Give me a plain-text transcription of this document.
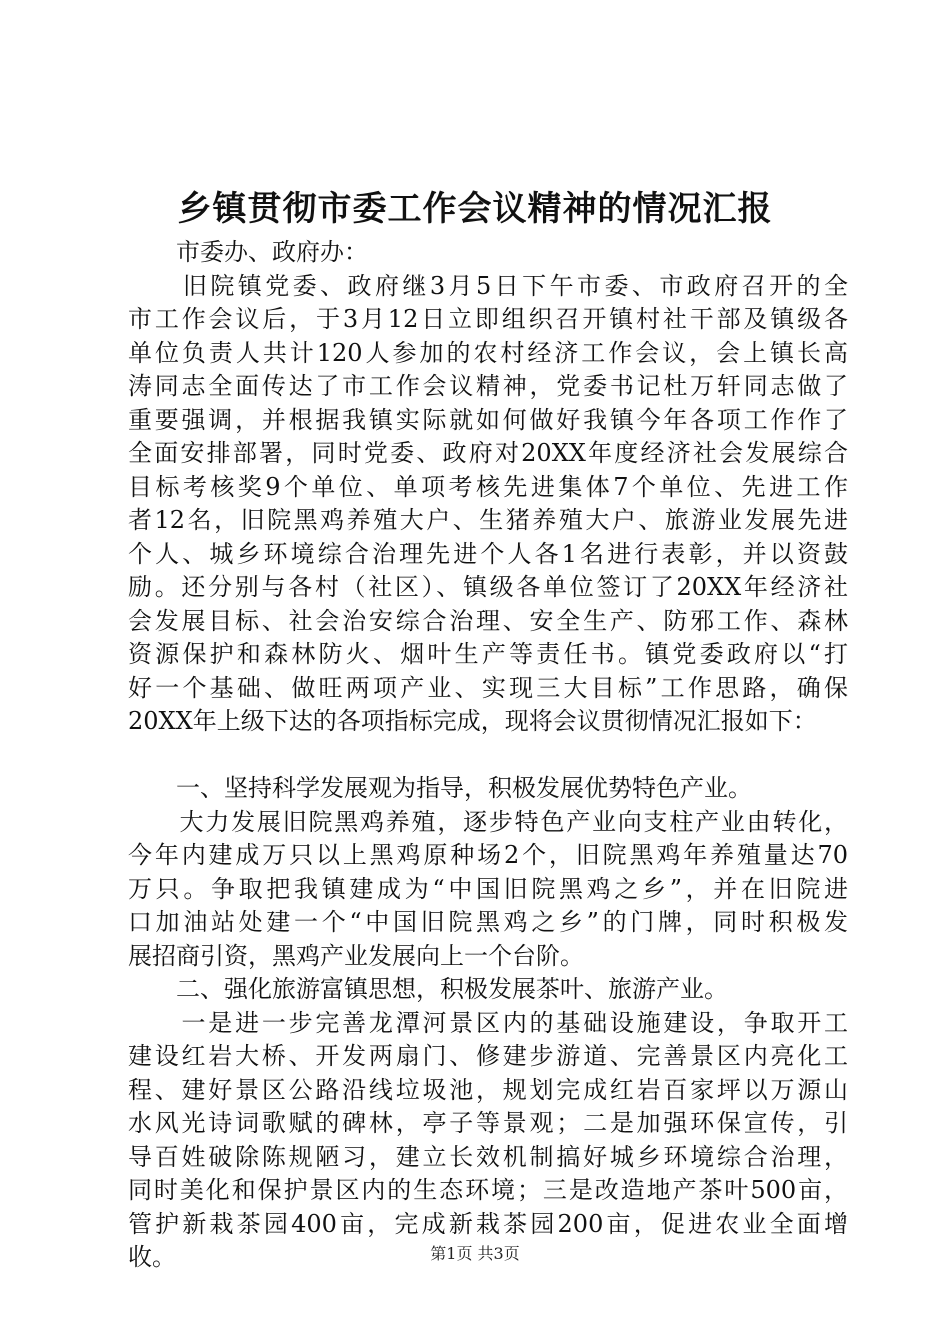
乡镇贯彻市委工作会议精神的情况汇报
　　市委办、政府办：
　　旧院镇党委、政府继3月5日下午市委、市政府召开的全
市工作会议后，于3月12日立即组织召开镇村社干部及镇级各
单位负责人共计120人参加的农村经济工作会议，会上镇长高
涛同志全面传达了市工作会议精神，党委书记杜万轩同志做了
重要强调，并根据我镇实际就如何做好我镇今年各项工作作了
全面安排部署，同时党委、政府对20XX年度经济社会发展综合
目标考核奖9个单位、单项考核先进集体7个单位、先进工作
者12名，旧院黑鸡养殖大户、生猪养殖大户、旅游业发展先进
个人、城乡环境综合治理先进个人各1名进行表彰，并以资鼓
励。还分别与各村（社区）、镇级各单位签订了20XX年经济社
会发展目标、社会治安综合治理、安全生产、防邪工作、森林
资源保护和森林防火、烟叶生产等责任书。镇党委政府以“打
好一个基础、做旺两项产业、实现三大目标”工作思路，确保
20XX年上级下达的各项指标完成，现将会议贯彻情况汇报如下：
　　一、坚持科学发展观为指导，积极发展优势特色产业。
　　大力发展旧院黑鸡养殖，逐步特色产业向支柱产业由转化，
今年内建成万只以上黑鸡原种场2个，旧院黑鸡年养殖量达70
万只。争取把我镇建成为“中国旧院黑鸡之乡”，并在旧院进
口加油站处建一个“中国旧院黑鸡之乡”的门牌，同时积极发
展招商引资，黑鸡产业发展向上一个台阶。
　　二、强化旅游富镇思想，积极发展茶叶、旅游产业。
　　一是进一步完善龙潭河景区内的基础设施建设，争取开工
建设红岩大桥、开发两扇门、修建步游道、完善景区内亮化工
程、建好景区公路沿线垃圾池，规划完成红岩百家坪以万源山
水风光诗词歌赋的碑林，亭子等景观；二是加强环保宣传，引
导百姓破除陈规陋习，建立长效机制搞好城乡环境综合治理，
同时美化和保护景区内的生态环境；三是改造地产茶叶500亩，
管护新栽茶园400亩，完成新栽茶园200亩，促进农业全面增
收。	第1页 共3页
